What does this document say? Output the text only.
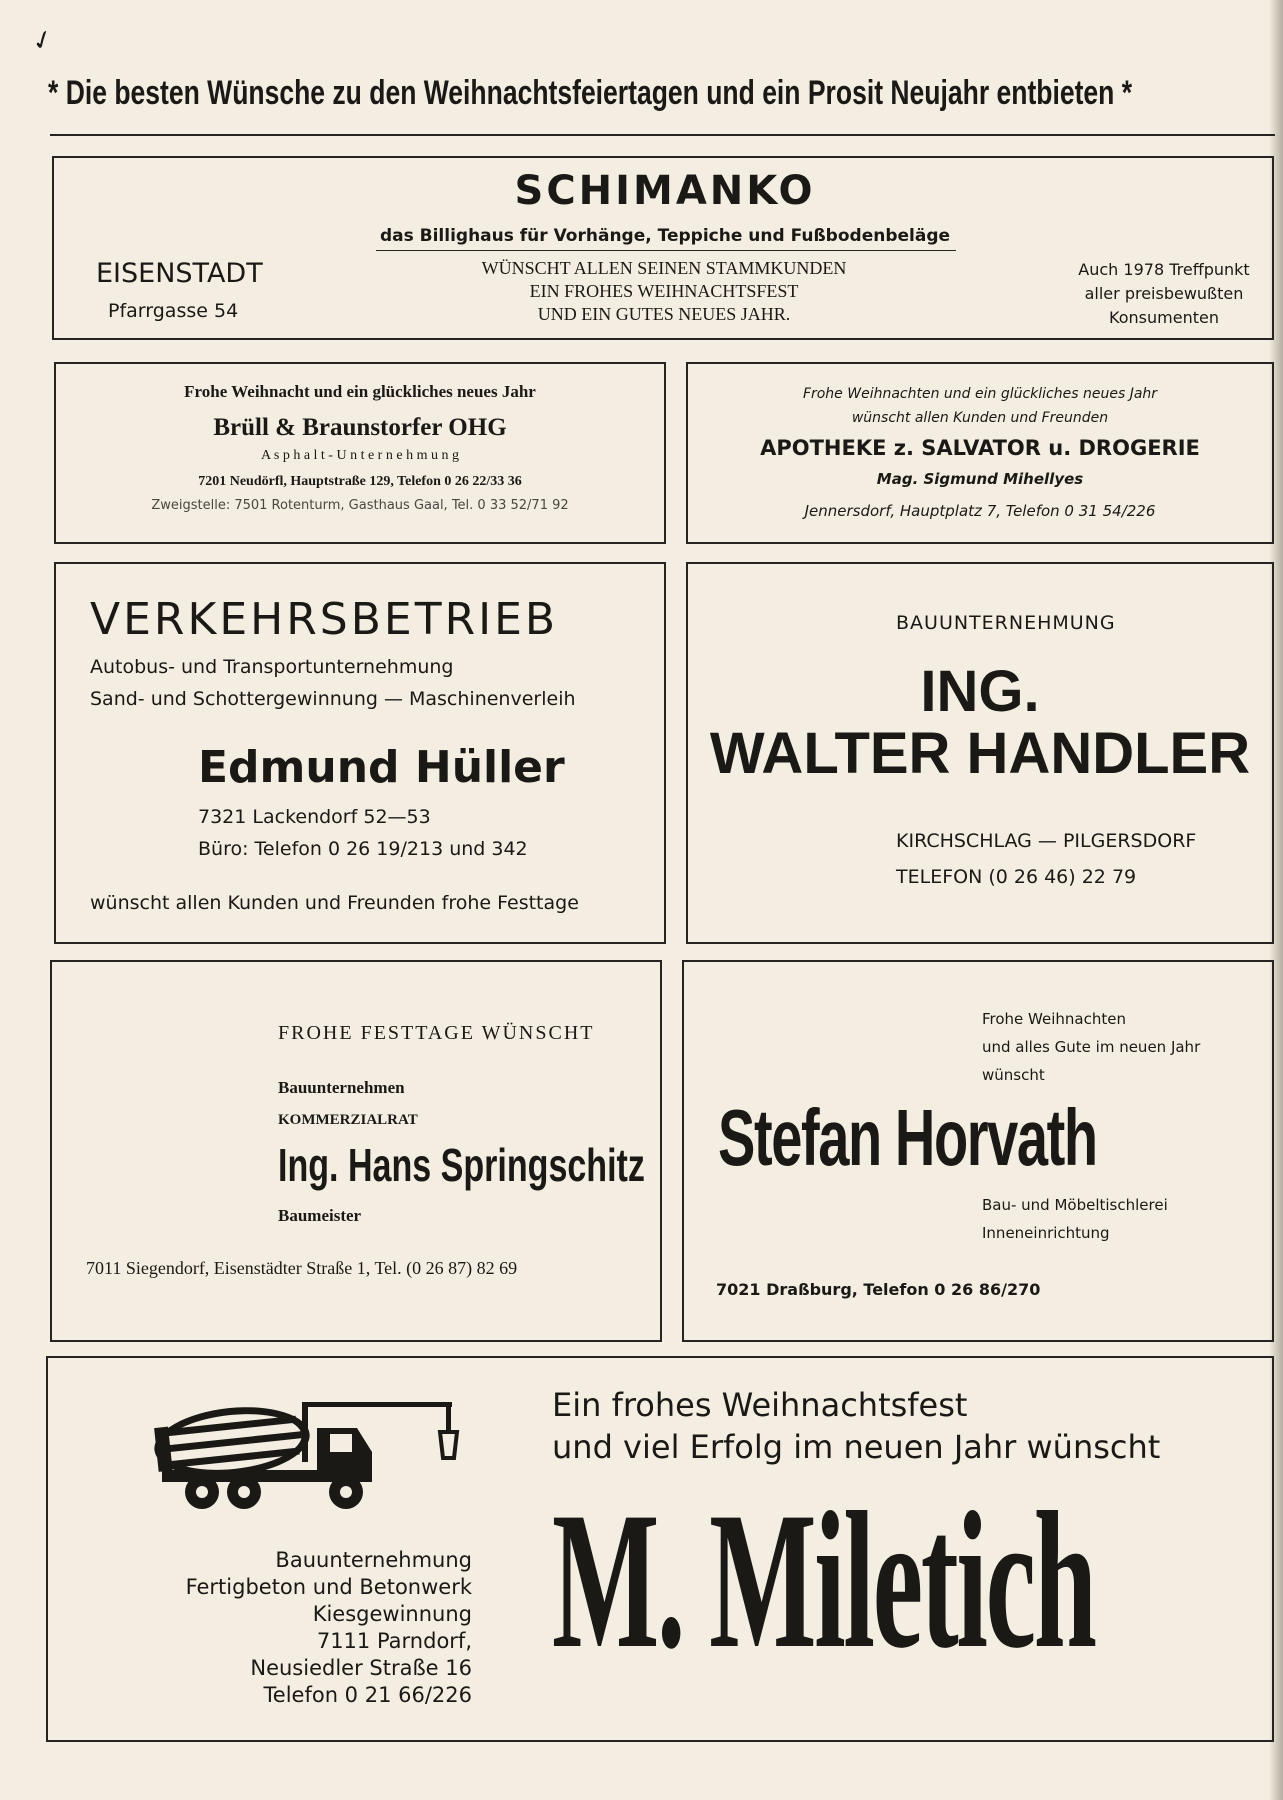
✓
* Die besten Wünsche zu den Weihnachtsfeiertagen und ein Prosit Neujahr entbieten *
SCHIMANKO
das Billighaus für Vorhänge, Teppiche und Fußbodenbeläge
EISENSTADT
Pfarrgasse 54
WÜNSCHT ALLEN SEINEN STAMMKUNDEN
EIN FROHES WEIHNACHTSFEST
UND EIN GUTES NEUES JAHR.
Auch 1978 Treffpunkt
aller preisbewußten
Konsumenten
Frohe Weihnacht und ein glückliches neues Jahr
Brüll & Braunstorfer OHG
A s p h a l t - U n t e r n e h m u n g
7201 Neudörfl, Hauptstraße 129, Telefon 0 26 22/33 36
Zweigstelle: 7501 Rotenturm, Gasthaus Gaal, Tel. 0 33 52/71 92
Frohe Weihnachten und ein glückliches neues Jahr
wünscht allen Kunden und Freunden
APOTHEKE z. SALVATOR u. DROGERIE
Mag. Sigmund Mihellyes
Jennersdorf, Hauptplatz 7, Telefon 0 31 54/226
VERKEHRSBETRIEB
Autobus- und Transportunternehmung
Sand- und Schottergewinnung — Maschinenverleih
Edmund Hüller
7321 Lackendorf 52—53
Büro: Telefon 0 26 19/213 und 342
wünscht allen Kunden und Freunden frohe Festtage
BAUUNTERNEHMUNG
ING.
WALTER HANDLER
KIRCHSCHLAG — PILGERSDORF
TELEFON (0 26 46) 22 79
FROHE FESTTAGE WÜNSCHT
Bauunternehmen
KOMMERZIALRAT
Ing. Hans Springschitz
Baumeister
7011 Siegendorf, Eisenstädter Straße 1, Tel. (0 26 87) 82 69
Frohe Weihnachten
und alles Gute im neuen Jahr
wünscht
Stefan Horvath
Bau- und Möbeltischlerei
Inneneinrichtung
7021 Draßburg, Telefon 0 26 86/270
Ein frohes Weihnachtsfest
und viel Erfolg im neuen Jahr wünscht
M. Miletich
Bauunternehmung
Fertigbeton und Betonwerk
Kiesgewinnung
7111 Parndorf,
Neusiedler Straße 16
Telefon 0 21 66/226
